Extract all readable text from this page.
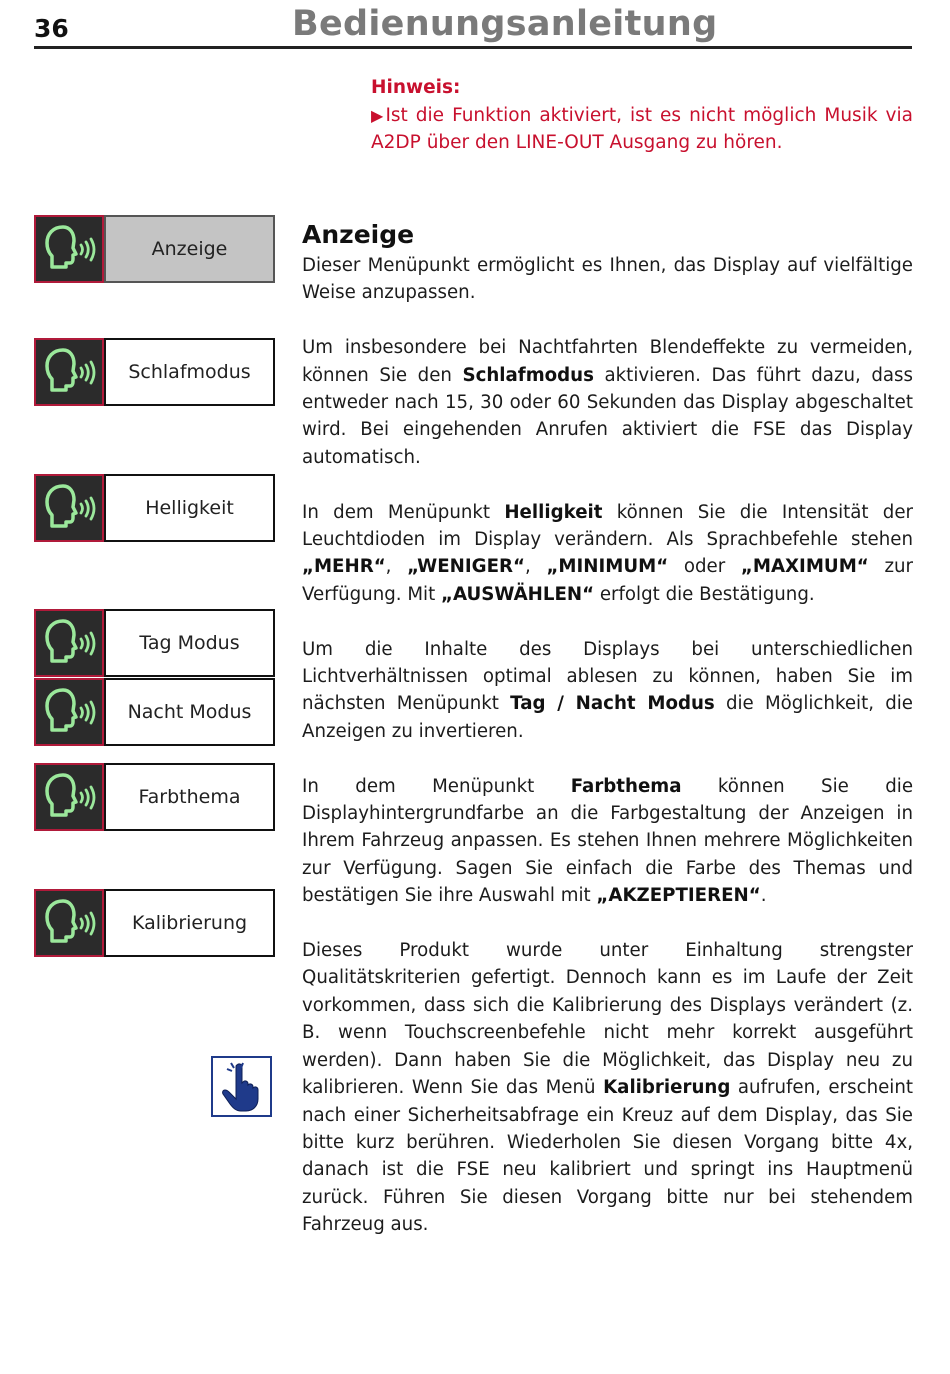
36	Bedienungsanleitung
Hinweis:
▶Ist die Funktion aktiviert, ist es nicht möglich Musik via A2DP über den LINE-OUT Ausgang zu hören.
Anzeige
Schlafmodus
Helligkeit
Tag Modus
Nacht Modus
Farbthema
Kalibrierung
Anzeige

Dieser Menüpunkt ermöglicht es Ihnen, das Display auf vielfältige Weise anzupassen.

Um insbesondere bei Nachtfahrten Blendeffekte zu vermeiden, können Sie den Schlafmodus aktivieren. Das führt dazu, dass entweder nach 15, 30 oder 60 Sekunden das Display abgeschaltet wird. Bei eingehenden Anrufen aktiviert die FSE das Display automatisch.

In dem Menüpunkt Helligkeit können Sie die Intensität der Leuchtdioden im Display verändern. Als Sprachbefehle stehen „MEHR“, „WENIGER“, „MINIMUM“ oder „MAXIMUM“ zur Verfügung. Mit „AUSWÄHLEN“ erfolgt die Bestätigung.

Um die Inhalte des Displays bei unterschiedlichen Lichtverhältnissen optimal ablesen zu können, haben Sie im nächsten Menüpunkt Tag / Nacht Modus die Möglichkeit, die Anzeigen zu invertieren.

In dem Menüpunkt Farbthema können Sie die Displayhintergrundfarbe an die Farbgestaltung der Anzeigen in Ihrem Fahrzeug anpassen. Es stehen Ihnen mehrere Möglichkeiten zur Verfügung. Sagen Sie einfach die Farbe des Themas und bestätigen Sie ihre Auswahl mit „AKZEPTIEREN“.

Dieses Produkt wurde unter Einhaltung strengster Qualitätskriterien gefertigt. Dennoch kann es im Laufe der Zeit vorkommen, dass sich die Kalibrierung des Displays verändert (z. B. wenn Touchscreenbefehle nicht mehr korrekt ausgeführt werden). Dann haben Sie die Möglichkeit, das Display neu zu kalibrieren. Wenn Sie das Menü Kalibrierung aufrufen, erscheint nach einer Sicherheitsabfrage ein Kreuz auf dem Display, das Sie bitte kurz berühren. Wiederholen Sie diesen Vorgang bitte 4x, danach ist die FSE neu kalibriert und springt ins Hauptmenü zurück. Führen Sie diesen Vorgang bitte nur bei stehendem Fahrzeug aus.
